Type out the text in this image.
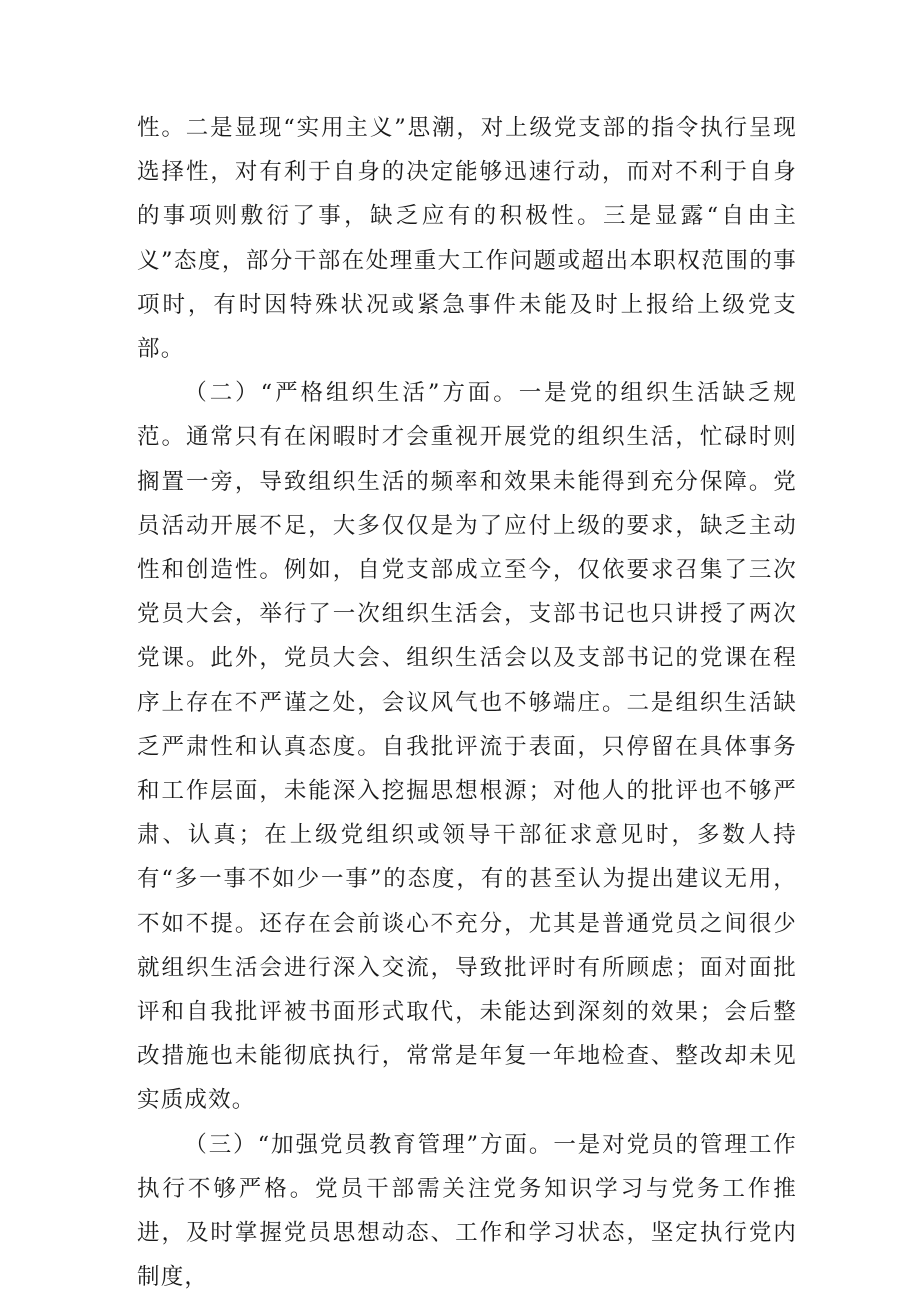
性。二是显现“实用主义”思潮，对上级党支部的指令执行呈现选择性，对有利于自身的决定能够迅速行动，而对不利于自身的事项则敷衍了事，缺乏应有的积极性。三是显露“自由主义”态度，部分干部在处理重大工作问题或超出本职权范围的事项时，有时因特殊状况或紧急事件未能及时上报给上级党支部。

（二）“严格组织生活”方面。一是党的组织生活缺乏规范。通常只有在闲暇时才会重视开展党的组织生活，忙碌时则搁置一旁，导致组织生活的频率和效果未能得到充分保障。党员活动开展不足，大多仅仅是为了应付上级的要求，缺乏主动性和创造性。例如，自党支部成立至今，仅依要求召集了三次党员大会，举行了一次组织生活会，支部书记也只讲授了两次党课。此外，党员大会、组织生活会以及支部书记的党课在程序上存在不严谨之处，会议风气也不够端庄。二是组织生活缺乏严肃性和认真态度。自我批评流于表面，只停留在具体事务和工作层面，未能深入挖掘思想根源；对他人的批评也不够严肃、认真；在上级党组织或领导干部征求意见时，多数人持有“多一事不如少一事”的态度，有的甚至认为提出建议无用，不如不提。还存在会前谈心不充分，尤其是普通党员之间很少就组织生活会进行深入交流，导致批评时有所顾虑；面对面批评和自我批评被书面形式取代，未能达到深刻的效果；会后整改措施也未能彻底执行，常常是年复一年地检查、整改却未见实质成效。

（三）“加强党员教育管理”方面。一是对党员的管理工作执行不够严格。党员干部需关注党务知识学习与党务工作推进，及时掌握党员思想动态、工作和学习状态，坚定执行党内制度，
